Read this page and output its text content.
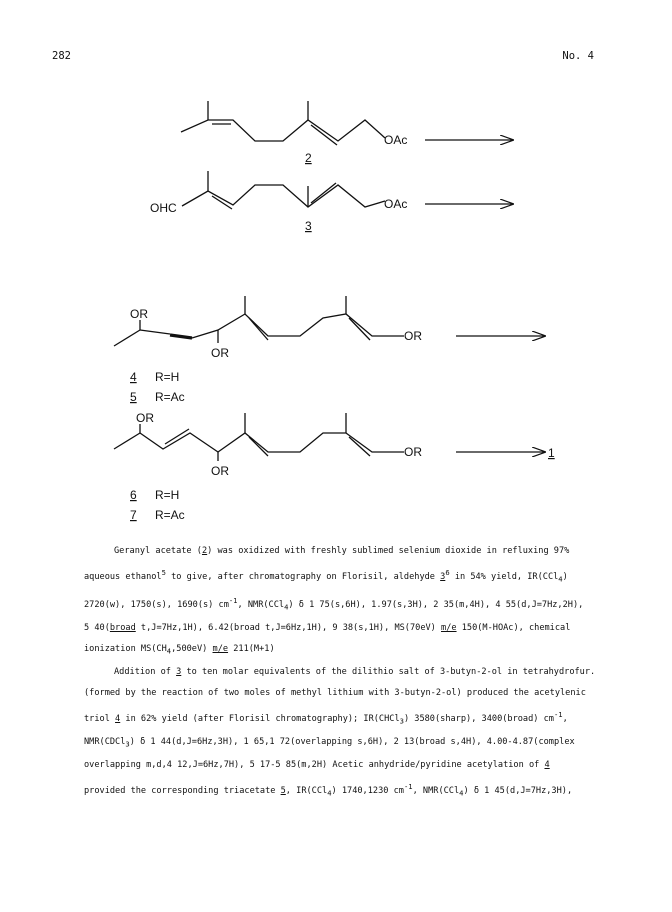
282	No. 4
OAc
2
OHC	OAc
3
OR
OR
OR
4 R=H
5 R=Ac
OR
OR
OR	1
6 R=H
7 R=Ac

Geranyl acetate (2) was oxidized with freshly sublimed selenium dioxide in refluxing 97%
aqueous ethanol$^5$ to give, after chromatography on Florisil, aldehyde $3^6$ in 54% yield, IR(CCl$_4$)
2720(w), 1750(s), 1690(s) $cm^{-1}$, NMR(CCl$_4$) δ 1 75(s,6H), 1.97(s,3H), 2 35(m,4H), 4 55(d,J=7Hz,2H),
5 40(broad t,J=7Hz,1H), 6.42(broad t,J=6Hz,1H), 9 38(s,1H), MS(70eV) m/e 150(M-HOAc), chemical
ionization $MS(CH_4,500eV)$ m/e 211(M+1)

Addition of 3 to ten molar equivalents of the dilithio salt of 3-butyn-2-ol in tetrahydrofur.
(formed by the reaction of two moles of methyl lithium with 3-butyn-2-ol) produced the acetylenic
triol 4 in 62% yield (after Florisil chromatography); IR(CHCl$_3$) 3580(sharp), 3400(broad) $cm^{-1}$,
NMR(CDCl$_3$) δ 1 44(d,J=6Hz,3H), 1 65,1 72(overlapping s,6H), 2 13(broad s,4H), 4.00-4.87(complex
overlapping m,d,4 12,J=6Hz,7H), 5 17-5 85(m,2H) Acetic anhydride/pyridine acetylation of 4
provided the corresponding triacetate 5, IR(CCl$_4$) 1740,1230 $cm^{-1}$, NMR(CCl$_4$) δ 1 45(d,J=7Hz,3H),
